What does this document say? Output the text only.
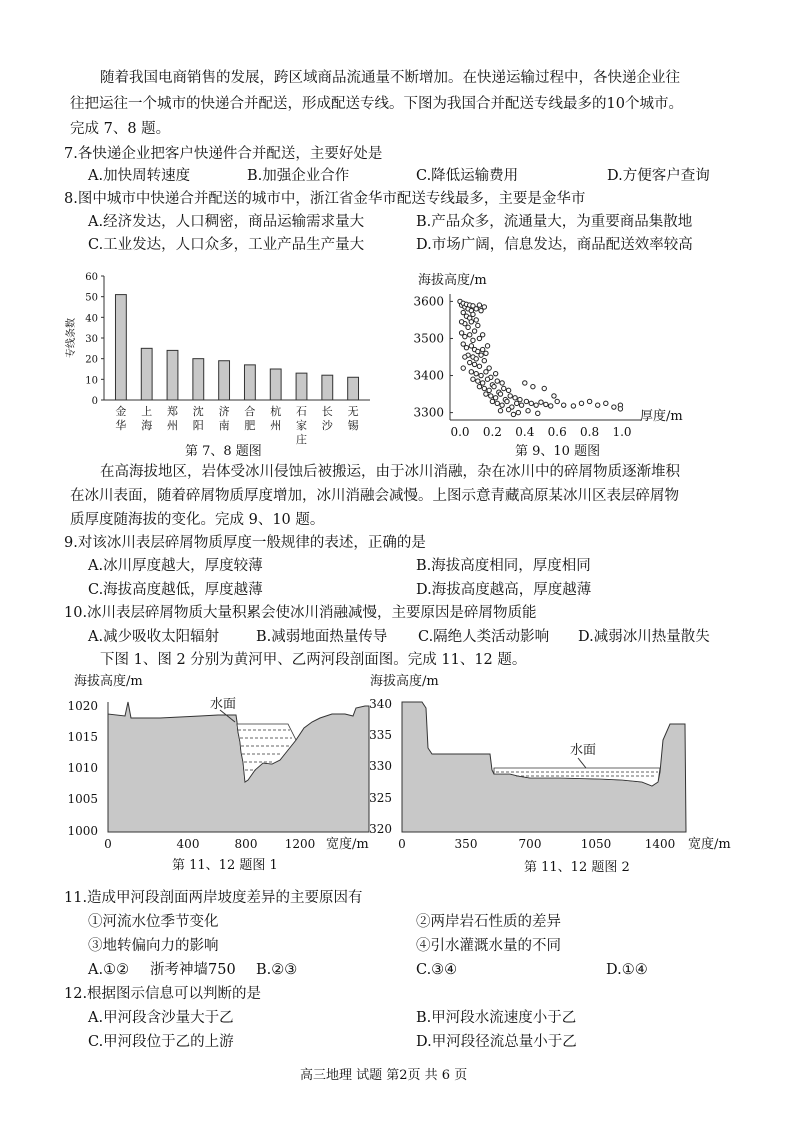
随着我国电商销售的发展，跨区域商品流通量不断增加。在快递运输过程中，各快递企业往
往把运往一个城市的快递合并配送，形成配送专线。下图为我国合并配送专线最多的10个城市。
完成 7、8 题。
7.各快递企业把客户快递件合并配送，主要好处是
A.加快周转速度	B.加强企业合作	C.降低运输费用	D.方便客户查询
8.图中城市中快递合并配送的城市中，浙江省金华市配送专线最多，主要是金华市
A.经济发达，人口稠密，商品运输需求量大	B.产品众多，流通量大，为重要商品集散地
C.工业发达，人口众多，工业产品生产量大	D.市场广阔，信息发达，商品配送效率较高
0
10
20
30
40
50
60
专线条数
金
华
上
海
郑
州
沈
阳
济
南
合
肥
杭
州
石
家
庄
长
沙
无
锡
第 7、8 题图
海拔高度/m
3300
3400
3500
3600
0.0 0.2 0.4 0.6 0.8 1.0
厚度/m
第 9、10 题图
在高海拔地区，岩体受冰川侵蚀后被搬运，由于冰川消融，杂在冰川中的碎屑物质逐渐堆积
在冰川表面，随着碎屑物质厚度增加，冰川消融会减慢。上图示意青藏高原某冰川区表层碎屑物
质厚度随海拔的变化。完成 9、10 题。
9.对该冰川表层碎屑物质厚度一般规律的表述，正确的是
A.冰川厚度越大，厚度较薄	B.海拔高度相同，厚度相同
C.海拔高度越低，厚度越薄	D.海拔高度越高，厚度越薄
10.冰川表层碎屑物质大量积累会使冰川消融减慢，主要原因是碎屑物质能
A.减少吸收太阳辐射	B.减弱地面热量传导 C.隔绝人类活动影响 D.减弱冰川热量散失
下图 1、图 2 分别为黄河甲、乙两河段剖面图。完成 11、12 题。
海拔高度/m
1020
1015
1010
1005
1000
水面
0	400	800 1200 宽度/m
第 11、12 题图 1
海拔高度/m
340
335
330
325
320
水面
0	350	700	1050	1400 宽度/m
第 11、12 题图 2
11.造成甲河段剖面两岸坡度差异的主要原因有
①河流水位季节变化	②两岸岩石性质的差异
③地转偏向力的影响	④引水灌溉水量的不同
A.①② 浙考神墙750 B.②③	C.③④	D.①④
12.根据图示信息可以判断的是
A.甲河段含沙量大于乙	B.甲河段水流速度小于乙
C.甲河段位于乙的上游	D.甲河段径流总量小于乙
高三地理 试题 第2页 共 6 页
